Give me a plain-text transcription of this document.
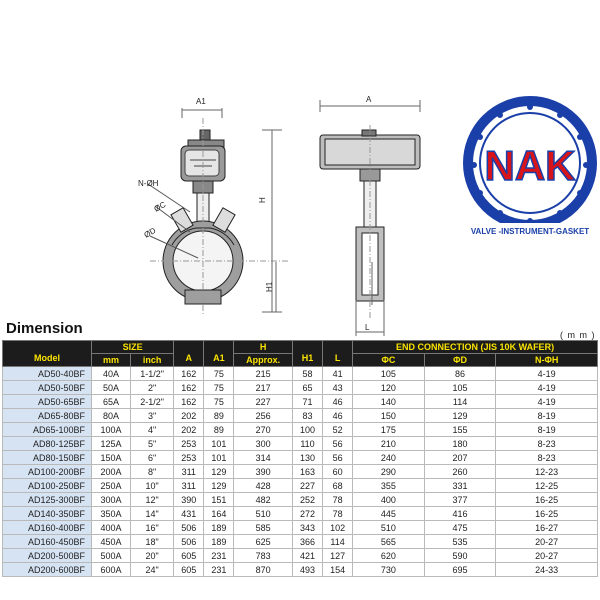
A1	A
H
H1
L
N-ØH
ØC
ØD
NAK
VALVE -INSTRUMENT-GASKET
Dimension	( m m )
Model	SIZE		A	A1	H	H1	L	END CONNECTION (JIS 10K WAFER)		
	mm	inch			Approx.			ΦC	ΦD	N-ΦH
AD50-40BF	40A	1-1/2"	162	75	215	58	41	105	86	4-19
AD50-50BF	50A	2"	162	75	217	65	43	120	105	4-19
AD50-65BF	65A	2-1/2"	162	75	227	71	46	140	114	4-19
AD65-80BF	80A	3"	202	89	256	83	46	150	129	8-19
AD65-100BF	100A	4"	202	89	270	100	52	175	155	8-19
AD80-125BF	125A	5"	253	101	300	110	56	210	180	8-23
AD80-150BF	150A	6"	253	101	314	130	56	240	207	8-23
AD100-200BF	200A	8"	311	129	390	163	60	290	260	12-23
AD100-250BF	250A	10"	311	129	428	227	68	355	331	12-25
AD125-300BF	300A	12"	390	151	482	252	78	400	377	16-25
AD140-350BF	350A	14"	431	164	510	272	78	445	416	16-25
AD160-400BF	400A	16"	506	189	585	343	102	510	475	16-27
AD160-450BF	450A	18"	506	189	625	366	114	565	535	20-27
AD200-500BF	500A	20"	605	231	783	421	127	620	590	20-27
AD200-600BF	600A	24"	605	231	870	493	154	730	695	24-33
